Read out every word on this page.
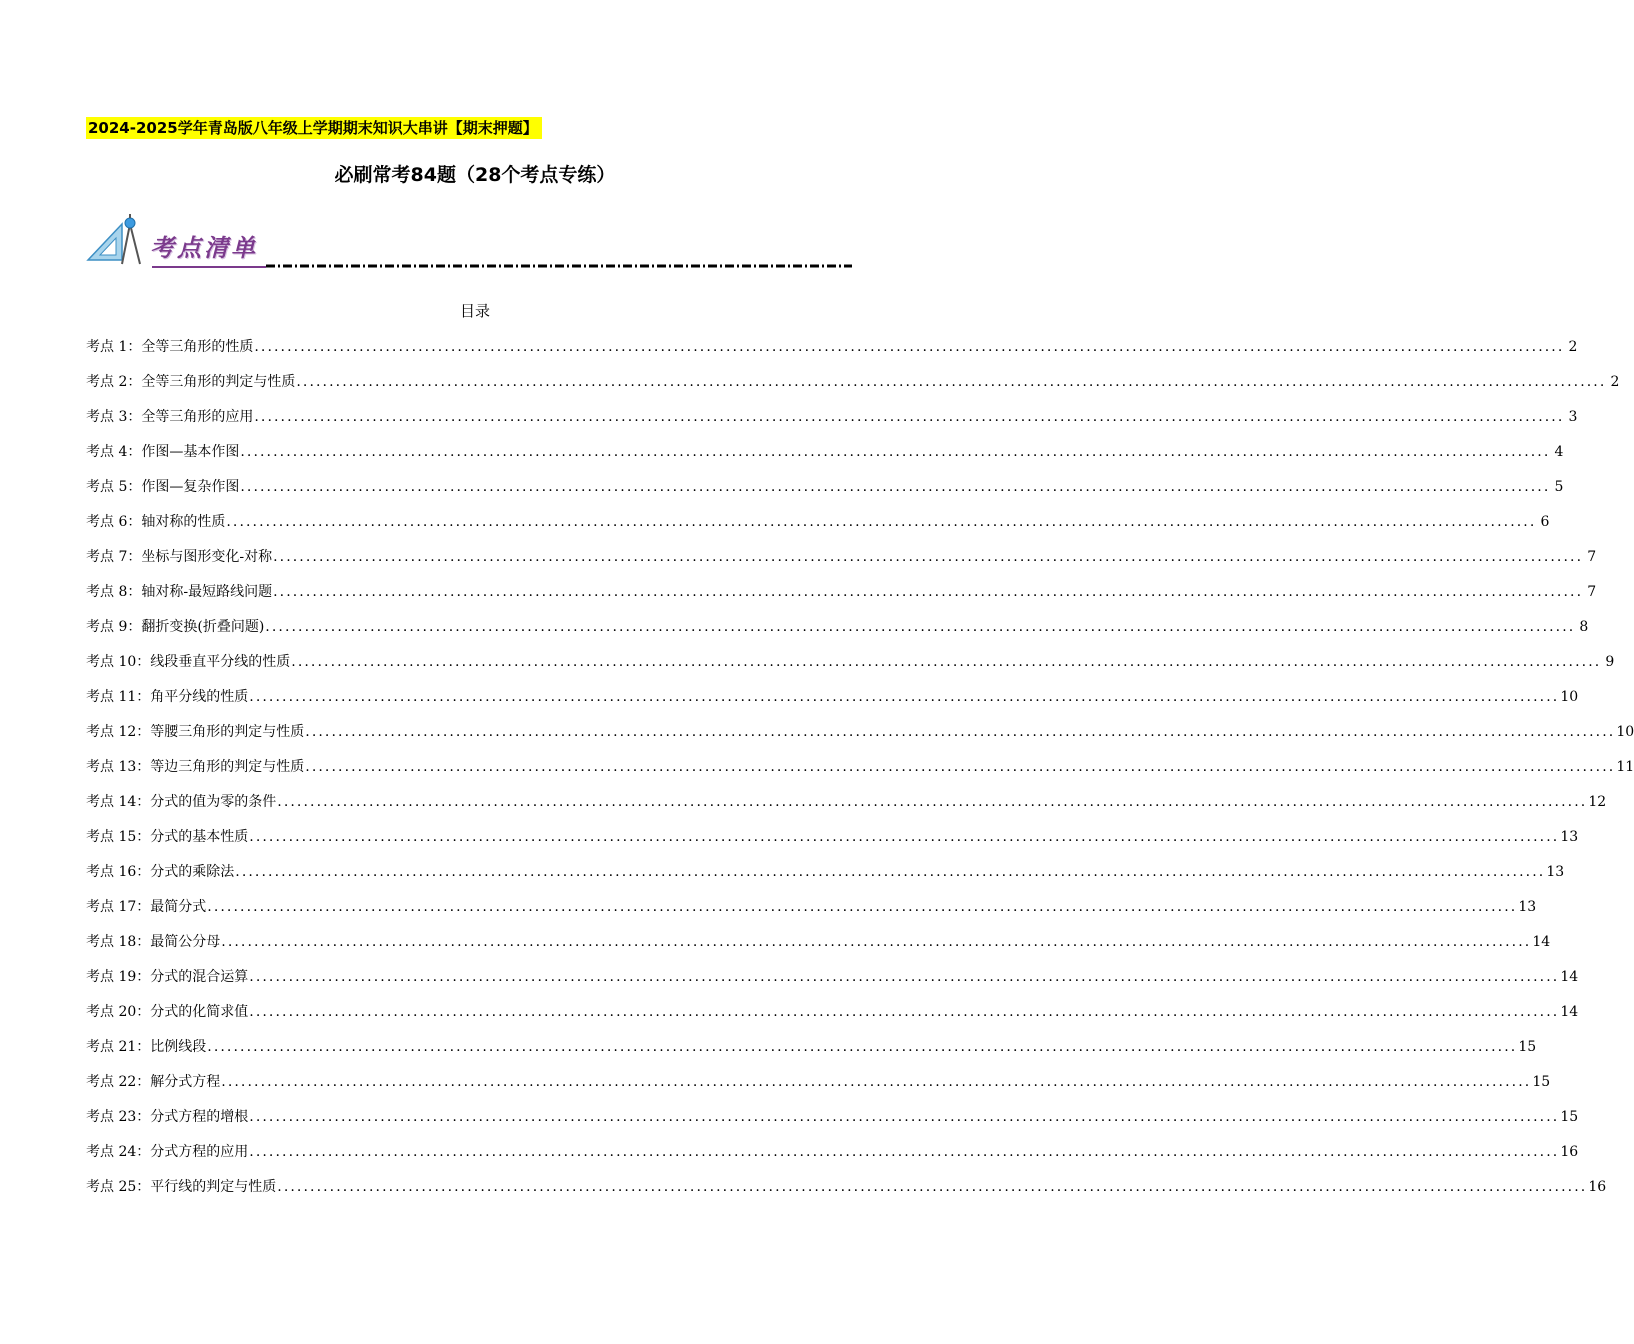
2024-2025学年青岛版八年级上学期期末知识大串讲【期末押题】
必刷常考84题（28个考点专练）
考点清单
目录
考点 1： 全等三角形的性质 ........................................................................................................................................................................................................ 2
考点 2： 全等三角形的判定与性质 ........................................................................................................................................................................................................ 2
考点 3： 全等三角形的应用 ........................................................................................................................................................................................................ 3
考点 4： 作图—基本作图 ........................................................................................................................................................................................................ 4
考点 5： 作图—复杂作图 ........................................................................................................................................................................................................ 5
考点 6： 轴对称的性质 ........................................................................................................................................................................................................ 6
考点 7： 坐标与图形变化-对称 ........................................................................................................................................................................................................ 7
考点 8： 轴对称-最短路线问题 ........................................................................................................................................................................................................ 7
考点 9： 翻折变换(折叠问题) ........................................................................................................................................................................................................ 8
考点 10： 线段垂直平分线的性质 ........................................................................................................................................................................................................ 9
考点 11： 角平分线的性质 ........................................................................................................................................................................................................ 10
考点 12： 等腰三角形的判定与性质 ........................................................................................................................................................................................................ 10
考点 13： 等边三角形的判定与性质 ........................................................................................................................................................................................................ 11
考点 14： 分式的值为零的条件 ........................................................................................................................................................................................................ 12
考点 15： 分式的基本性质 ........................................................................................................................................................................................................ 13
考点 16： 分式的乘除法 ........................................................................................................................................................................................................ 13
考点 17： 最简分式 ........................................................................................................................................................................................................ 13
考点 18： 最简公分母 ........................................................................................................................................................................................................ 14
考点 19： 分式的混合运算 ........................................................................................................................................................................................................ 14
考点 20： 分式的化简求值 ........................................................................................................................................................................................................ 14
考点 21： 比例线段 ........................................................................................................................................................................................................ 15
考点 22： 解分式方程 ........................................................................................................................................................................................................ 15
考点 23： 分式方程的增根 ........................................................................................................................................................................................................ 15
考点 24： 分式方程的应用 ........................................................................................................................................................................................................ 16
考点 25： 平行线的判定与性质 ........................................................................................................................................................................................................ 16
